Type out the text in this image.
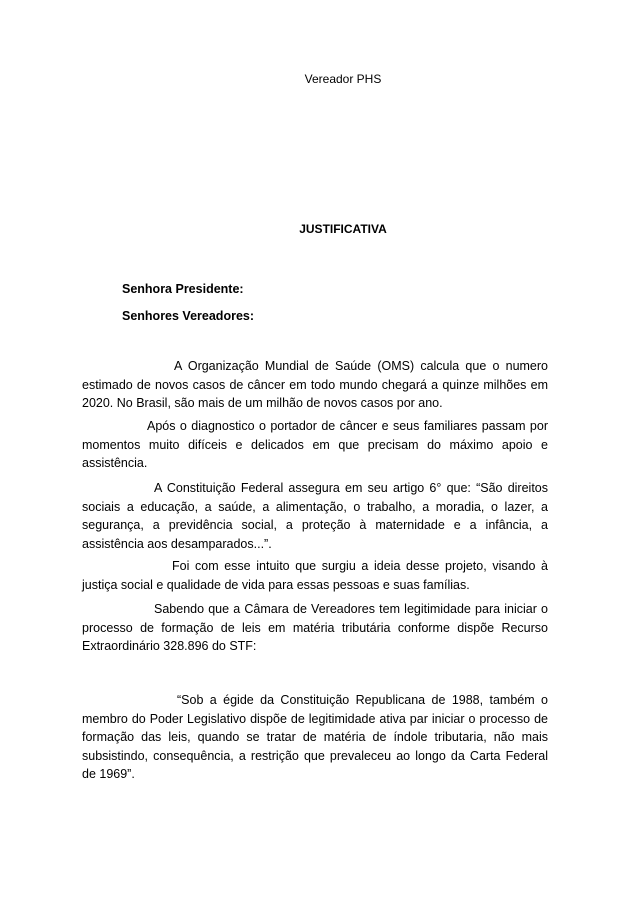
Vereador PHS
JUSTIFICATIVA
Senhora Presidente:
Senhores Vereadores:

A Organização Mundial de Saúde (OMS) calcula que o numero estimado de novos casos de câncer em todo mundo chegará a quinze milhões em 2020. No Brasil, são mais de um milhão de novos casos por ano.

Após o diagnostico o portador de câncer e seus familiares passam por momentos muito difíceis e delicados em que precisam do máximo apoio e assistência.

A Constituição Federal assegura em seu artigo 6° que: “São direitos sociais a educação, a saúde, a alimentação, o trabalho, a moradia, o lazer, a segurança, a previdência social, a proteção à maternidade e a infância, a assistência aos desamparados...”.

Foi com esse intuito que surgiu a ideia desse projeto, visando à justiça social e qualidade de vida para essas pessoas e suas famílias.

Sabendo que a Câmara de Vereadores tem legitimidade para iniciar o processo de formação de leis em matéria tributária conforme dispõe Recurso Extraordinário 328.896 do STF:

“Sob a égide da Constituição Republicana de 1988, também o membro do Poder Legislativo dispõe de legitimidade ativa par iniciar o processo de formação das leis, quando se tratar de matéria de índole tributaria, não mais subsistindo, consequência, a restrição que prevaleceu ao longo da Carta Federal de 1969”.
